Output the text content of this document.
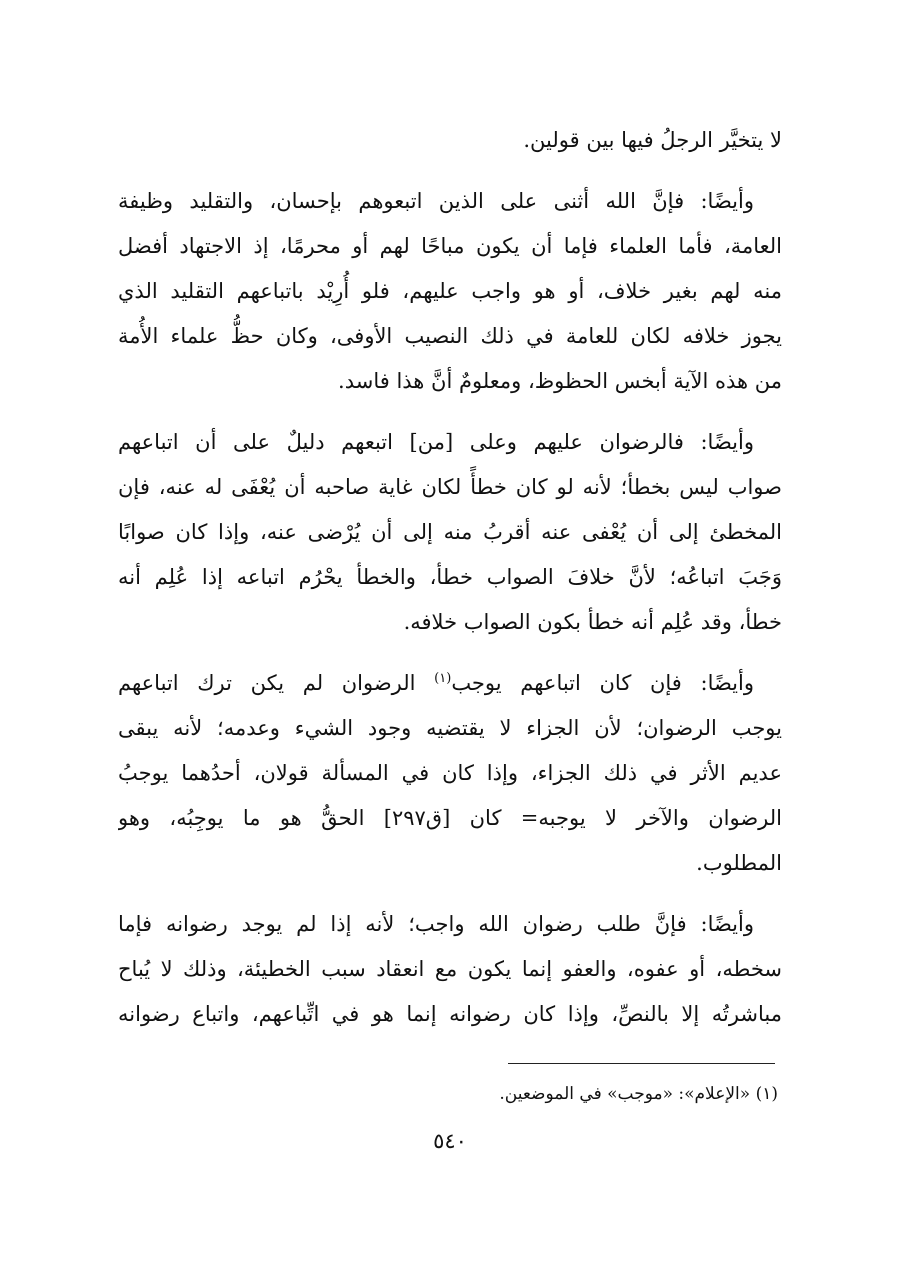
لا يتخيَّر الرجلُ فيها بين قولين.
وأيضًا: فإنَّ الله أثنى على الذين اتبعوهم بإحسان، والتقليد وظيفة
العامة، فأما العلماء فإما أن يكون مباحًا لهم أو محرمًا، إذ الاجتهاد أفضل
منه لهم بغير خلاف، أو هو واجب عليهم، فلو أُرِيْد باتباعهم التقليد الذي
يجوز خلافه لكان للعامة في ذلك النصيب الأوفى، وكان حظُّ علماء الأُمة
من هذه الآية أبخس الحظوظ، ومعلومٌ أنَّ هذا فاسد.
وأيضًا: فالرضوان عليهم وعلى [من] اتبعهم دليلٌ على أن اتباعهم
صواب ليس بخطأ؛ لأنه لو كان خطأً لكان غاية صاحبه أن يُعْفَى له عنه، فإن
المخطئ إلى أن يُعْفى عنه أقربُ منه إلى أن يُرْضى عنه، وإذا كان صوابًا
وَجَبَ اتباعُه؛ لأنَّ خلافَ الصواب خطأ، والخطأ يحْرُم اتباعه إذا عُلِم أنه
خطأ، وقد عُلِم أنه خطأ بكون الصواب خلافه.
وأيضًا: فإن كان اتباعهم يوجب$^{(١)}$ الرضوان لم يكن ترك اتباعهم
يوجب الرضوان؛ لأن الجزاء لا يقتضيه وجود الشيء وعدمه؛ لأنه يبقى
عديم الأثر في ذلك الجزاء، وإذا كان في المسألة قولان، أحدُهما يوجبُ
الرضوان والآخر لا يوجبه= كان [ق٢٩٧] الحقُّ هو ما يوجِبُه، وهو
المطلوب.
وأيضًا: فإنَّ طلب رضوان الله واجب؛ لأنه إذا لم يوجد رضوانه فإما
سخطه، أو عفوه، والعفو إنما يكون مع انعقاد سبب الخطيئة، وذلك لا يُباح
مباشرتُه إلا بالنصِّ، وإذا كان رضوانه إنما هو في اتِّباعهم، واتباع رضوانه
(١) «الإعلام»: «موجب» في الموضعين.
٥٤٠
